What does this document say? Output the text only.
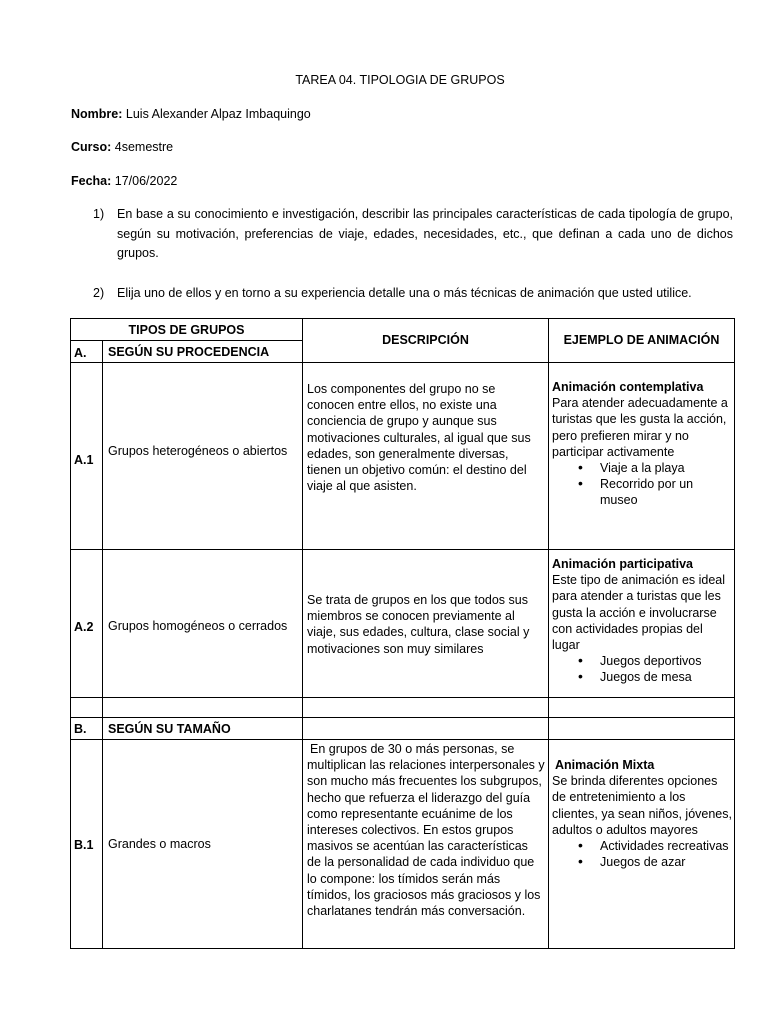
TAREA 04. TIPOLOGIA DE GRUPOS
Nombre: Luis Alexander Alpaz Imbaquingo
Curso: 4semestre
Fecha: 17/06/2022
1) En base a su conocimiento e investigación, describir las principales características de cada tipología de grupo, según su motivación, preferencias de viaje, edades, necesidades, etc., que definan a cada uno de dichos grupos.
2) Elija uno de ellos y en torno a su experiencia detalle una o más técnicas de animación que usted utilice.
TIPOS DE GRUPOS
DESCRIPCIÓN	EJEMPLO DE ANIMACIÓN
A. SEGÚN SU PROCEDENCIA
A.1
Grupos heterogéneos o abiertos
Los componentes del grupo no se conocen entre ellos, no existe una conciencia de grupo y aunque sus motivaciones culturales, al igual que sus edades, son generalmente diversas, tienen un objetivo común: el destino del viaje al que asisten.
Animación contemplativa
Para atender adecuadamente a turistas que les gusta la acción, pero prefieren mirar y no participar activamente
• Viaje a la playa
• Recorrido por un museo
A.2 Grupos homogéneos o cerrados
Se trata de grupos en los que todos sus miembros se conocen previamente al viaje, sus edades, cultura, clase social y motivaciones son muy similares
Animación participativa
Este tipo de animación es ideal para atender a turistas que les gusta la acción e involucrarse con actividades propias del lugar
• Juegos deportivos
• Juegos de mesa
B. SEGÚN SU TAMAÑO
B.1 Grandes o macros
En grupos de 30 o más personas, se multiplican las relaciones interpersonales y son mucho más frecuentes los subgrupos, hecho que refuerza el liderazgo del guía como representante ecuánime de los intereses colectivos. En estos grupos masivos se acentúan las características de la personalidad de cada individuo que lo compone: los tímidos serán más tímidos, los graciosos más graciosos y los charlatanes tendrán más conversación.
Animación Mixta
Se brinda diferentes opciones de entretenimiento a los clientes, ya sean niños, jóvenes, adultos o adultos mayores
• Actividades recreativas
• Juegos de azar
